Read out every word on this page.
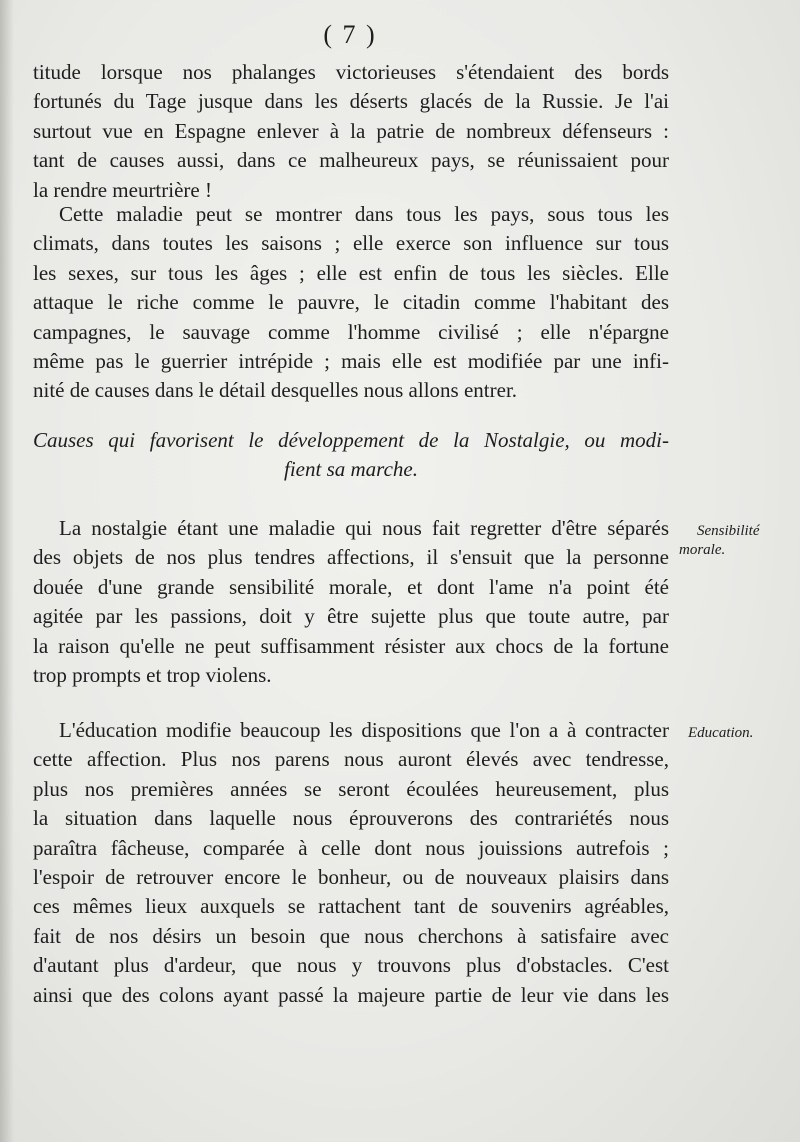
( 7 )
titude lorsque nos phalanges victorieuses s'étendaient des bords
fortunés du Tage jusque dans les déserts glacés de la Russie. Je l'ai
surtout vue en Espagne enlever à la patrie de nombreux défenseurs :
tant de causes aussi, dans ce malheureux pays, se réunissaient pour
la rendre meurtrière !
Cette maladie peut se montrer dans tous les pays, sous tous les
climats, dans toutes les saisons ; elle exerce son influence sur tous
les sexes, sur tous les âges ; elle est enfin de tous les siècles. Elle
attaque le riche comme le pauvre, le citadin comme l'habitant des
campagnes, le sauvage comme l'homme civilisé ; elle n'épargne
même pas le guerrier intrépide ; mais elle est modifiée par une infi-
nité de causes dans le détail desquelles nous allons entrer.
Causes qui favorisent le développement de la Nostalgie, ou modi-
fient sa marche.
La nostalgie étant une maladie qui nous fait regretter d'être séparés
des objets de nos plus tendres affections, il s'ensuit que la personne
douée d'une grande sensibilité morale, et dont l'ame n'a point été
agitée par les passions, doit y être sujette plus que toute autre, par
la raison qu'elle ne peut suffisamment résister aux chocs de la fortune
trop prompts et trop violens.
L'éducation modifie beaucoup les dispositions que l'on a à contracter
cette affection. Plus nos parens nous auront élevés avec tendresse,
plus nos premières années se seront écoulées heureusement, plus
la situation dans laquelle nous éprouverons des contrariétés nous
paraîtra fâcheuse, comparée à celle dont nous jouissions autrefois ;
l'espoir de retrouver encore le bonheur, ou de nouveaux plaisirs dans
ces mêmes lieux auxquels se rattachent tant de souvenirs agréables,
fait de nos désirs un besoin que nous cherchons à satisfaire avec
d'autant plus d'ardeur, que nous y trouvons plus d'obstacles. C'est
ainsi que des colons ayant passé la majeure partie de leur vie dans les
Sensibilité
morale.
Education.
